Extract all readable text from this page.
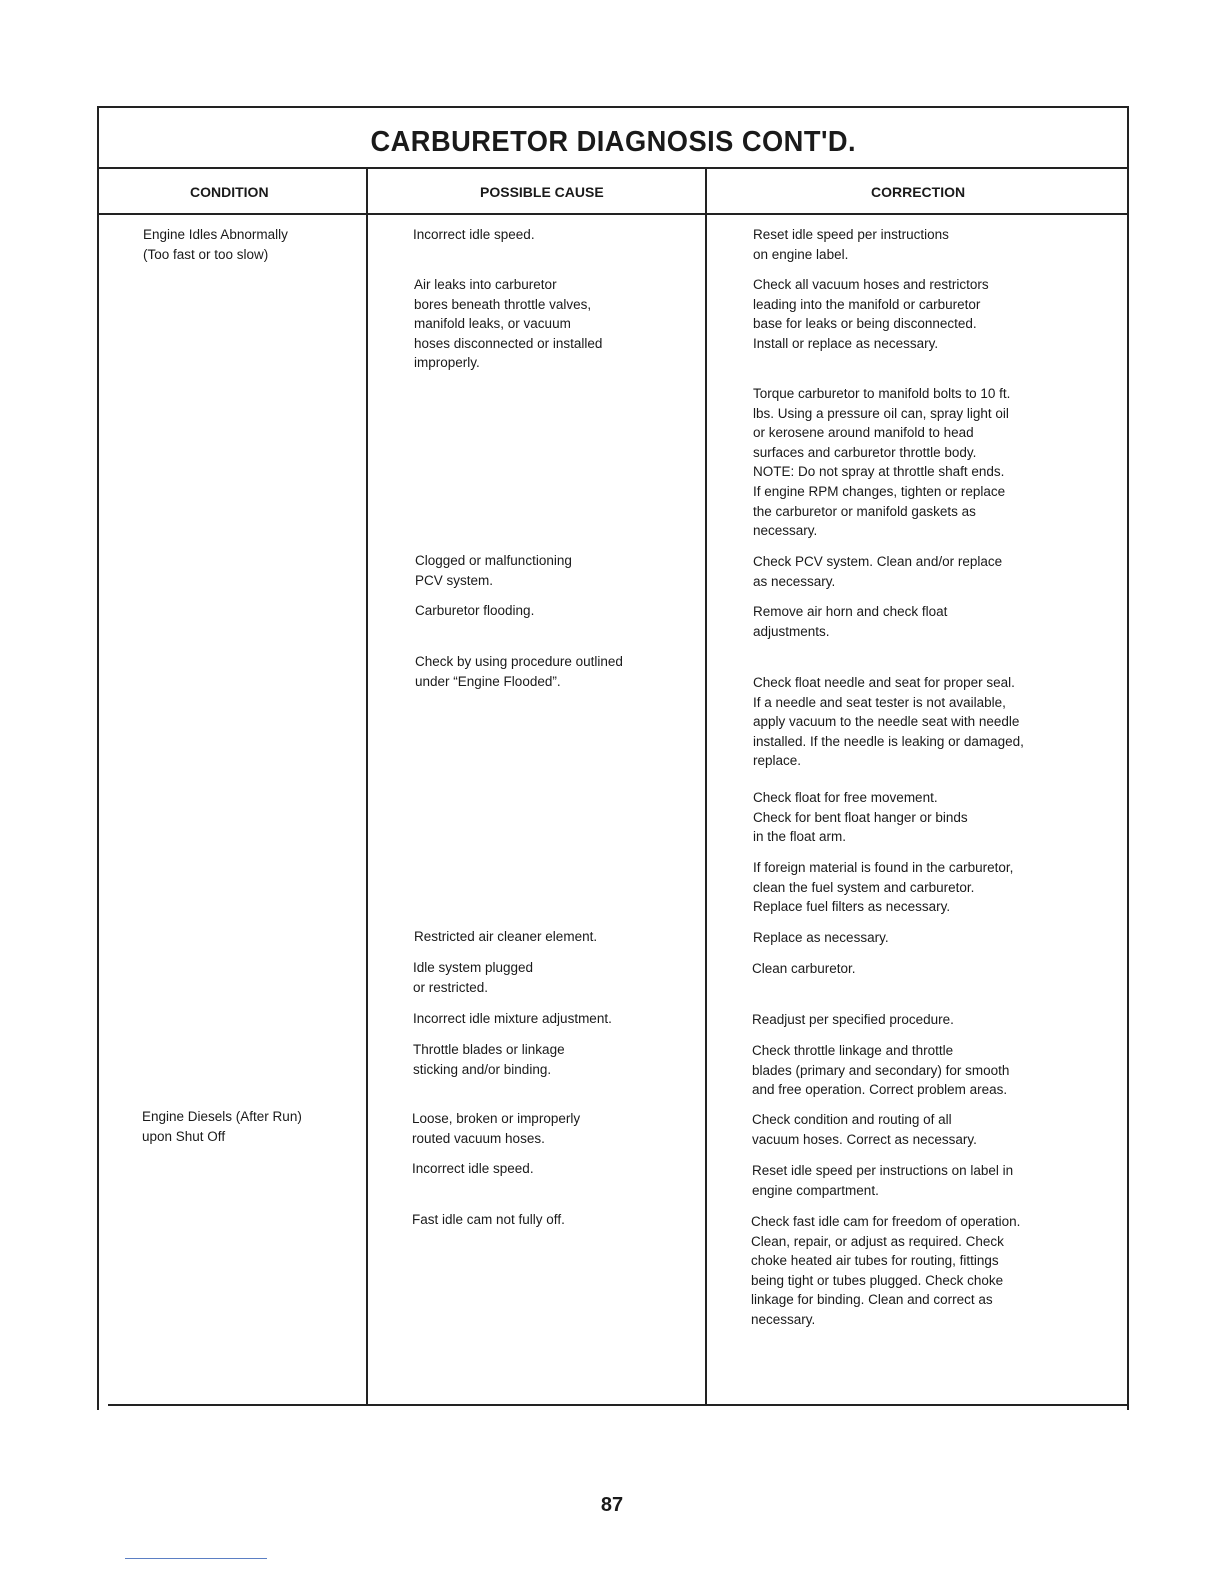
CARBURETOR DIAGNOSIS CONT'D.
CONDITION	POSSIBLE CAUSE	CORRECTION
Engine Idles Abnormally
(Too fast or too slow)
Engine Diesels (After Run)
upon Shut Off
Incorrect idle speed.
Air leaks into carburetor
bores beneath throttle valves,
manifold leaks, or vacuum
hoses disconnected or installed
improperly.
Clogged or malfunctioning
PCV system.
Carburetor flooding.
Check by using procedure outlined
under “Engine Flooded”.
Restricted air cleaner element.
Idle system plugged
or restricted.
Incorrect idle mixture adjustment.
Throttle blades or linkage
sticking and/or binding.
Loose, broken or improperly
routed vacuum hoses.
Incorrect idle speed.
Fast idle cam not fully off.
Reset idle speed per instructions
on engine label.
Check all vacuum hoses and restrictors
leading into the manifold or carburetor
base for leaks or being disconnected.
Install or replace as necessary.
Torque carburetor to manifold bolts to 10 ft.
lbs. Using a pressure oil can, spray light oil
or kerosene around manifold to head
surfaces and carburetor throttle body.
NOTE: Do not spray at throttle shaft ends.
If engine RPM changes, tighten or replace
the carburetor or manifold gaskets as
necessary.
Check PCV system. Clean and/or replace
as necessary.
Remove air horn and check float
adjustments.
Check float needle and seat for proper seal.
If a needle and seat tester is not available,
apply vacuum to the needle seat with needle
installed. If the needle is leaking or damaged,
replace.
Check float for free movement.
Check for bent float hanger or binds
in the float arm.
If foreign material is found in the carburetor,
clean the fuel system and carburetor.
Replace fuel filters as necessary.
Replace as necessary.
Clean carburetor.
Readjust per specified procedure.
Check throttle linkage and throttle
blades (primary and secondary) for smooth
and free operation. Correct problem areas.
Check condition and routing of all
vacuum hoses. Correct as necessary.
Reset idle speed per instructions on label in
engine compartment.
Check fast idle cam for freedom of operation.
Clean, repair, or adjust as required. Check
choke heated air tubes for routing, fittings
being tight or tubes plugged. Check choke
linkage for binding. Clean and correct as
necessary.
87
